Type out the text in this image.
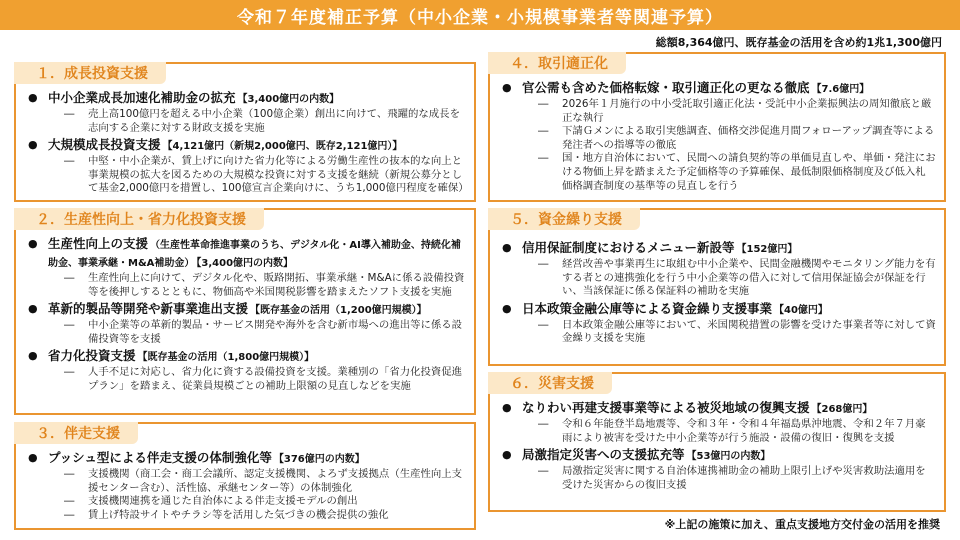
令和７年度補正予算（中小企業・小規模事業者等関連予算）
総額8,364億円、既存基金の活用を含め約1兆1,300億円
１．成長投資支援
● 中小企業成長加速化補助金の拡充 【3,400億円の内数】
―	売上高100億円を超える中小企業（100億企業）創出に向けて、飛躍的な成長を志向する企業に対する財政支援を実施
● 大規模成長投資支援 【4,121億円（新規2,000億円、既存2,121億円）】
―	中堅・中小企業が、賃上げに向けた省力化等による労働生産性の抜本的な向上と事業規模の拡大を図るための大規模な投資に対する支援を継続（新規公募分として基金2,000億円を措置し、100億宣言企業向けに、うち1,000億円程度を確保）
２．生産性向上・省力化投資支援
● 生産性向上の支援 （生産性革命推進事業のうち、デジタル化・AI導入補助金、持続化補助金、事業承継・M&A補助金） 【3,400億円の内数】
―	生産性向上に向けて、デジタル化や、販路開拓、事業承継・M&Aに係る設備投資等を後押しするとともに、物価高や米国関税影響を踏まえたソフト支援を実施
● 革新的製品等開発や新事業進出支援 【既存基金の活用（1,200億円規模）】
―	中小企業等の革新的製品・サービス開発や海外を含む新市場への進出等に係る設備投資等を支援
● 省力化投資支援 【既存基金の活用（1,800億円規模）】
―	人手不足に対応し、省力化に資する設備投資を支援。業種別の「省力化投資促進プラン」を踏まえ、従業員規模ごとの補助上限額の見直しなどを実施
３．伴走支援
● プッシュ型による伴走支援の体制強化等 【376億円の内数】
―	支援機関（商工会・商工会議所、認定支援機関、よろず支援拠点（生産性向上支援センター含む）、活性協、承継センター等）の体制強化
―	支援機関連携を通じた自治体による伴走支援モデルの創出
―	賃上げ特設サイトやチラシ等を活用した気づきの機会提供の強化
４．取引適正化
● 官公需も含めた価格転嫁・取引適正化の更なる徹底 【7.6億円】
―	2026年１月施行の中小受託取引適正化法・受託中小企業振興法の周知徹底と厳正な執行
―	下請Ｇメンによる取引実態調査、価格交渉促進月間フォローアップ調査等による発注者への指導等の徹底
―	国・地方自治体において、民間への請負契約等の単価見直しや、単価・発注における物価上昇を踏まえた予定価格等の予算確保、最低制限価格制度及び低入札価格調査制度の基準等の見直しを行う
５．資金繰り支援
● 信用保証制度におけるメニュー新設等 【152億円】
―	経営改善や事業再生に取組む中小企業や、民間金融機関やモニタリング能力を有する者との連携強化を行う中小企業等の借入に対して信用保証協会が保証を行い、当該保証に係る保証料の補助を実施
● 日本政策金融公庫等による資金繰り支援事業 【40億円】
―	日本政策金融公庫等において、米国関税措置の影響を受けた事業者等に対して資金繰り支援を実施
６．災害支援
● なりわい再建支援事業等による被災地域の復興支援 【268億円】
―	令和６年能登半島地震等、令和３年・令和４年福島県沖地震、令和２年７月豪雨により被害を受けた中小企業等が行う施設・設備の復旧・復興を支援
● 局激指定災害への支援拡充等 【53億円の内数】
―	局激指定災害に関する自治体連携補助金の補助上限引上げや災害救助法適用を受けた災害からの復旧支援
※上記の施策に加え、重点支援地方交付金の活用を推奨
